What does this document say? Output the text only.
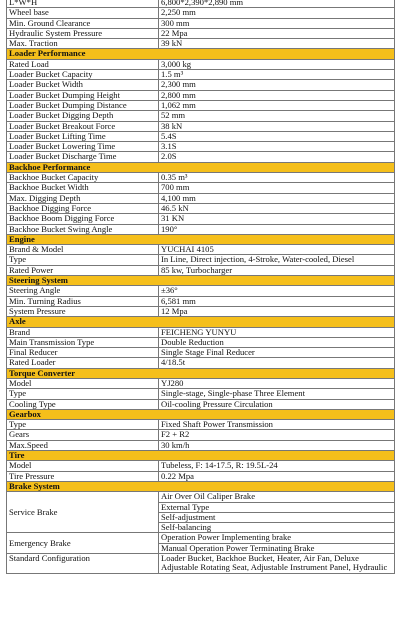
L*W*H	6,800*2,390*2,890 mm
Wheel base	2,250 mm
Min. Ground Clearance	300 mm
Hydraulic System Pressure	22 Mpa
Max. Traction	39 kN
Loader Performance	
Rated Load	3,000 kg
Loader Bucket Capacity	1.5 m³
Loader Bucket Width	2,300 mm
Loader Bucket Dumping Height	2,800 mm
Loader Bucket Dumping Distance	1,062 mm
Loader Bucket Digging Depth	52 mm
Loader Bucket Breakout Force	38 kN
Loader Bucket Lifting Time	5.4S
Loader Bucket Lowering Time	3.1S
Loader Bucket Discharge Time	2.0S
Backhoe Performance	
Backhoe Bucket Capacity	0.35 m³
Backhoe Bucket Width	700 mm
Max. Digging Depth	4,100 mm
Backhoe Digging Force	46.5 kN
Backhoe Boom Digging Force	31 KN
Backhoe Bucket Swing Angle	190°
Engine	
Brand & Model	YUCHAI 4105
Type	In Line, Direct injection, 4-Stroke, Water-cooled, Diesel
Rated Power	85 kw, Turbocharger
Steering System	
Steering Angle	±36°
Min. Turning Radius	6,581 mm
System Pressure	12 Mpa
Axle	
Brand	FEICHENG YUNYU
Main Transmission Type	Double Reduction
Final Reducer	Single Stage Final Reducer
Rated Loader	4/18.5t
Torque Converter	
Model	YJ280
Type	Single-stage, Single-phase Three Element
Cooling Type	Oil-cooling Pressure Circulation
Gearbox	
Type	Fixed Shaft Power Transmission
Gears	F2 + R2
Max.Speed	30 km/h
Tire	
Model	Tubeless, F: 14-17.5, R: 19.5L-24
Tire Pressure	0.22 Mpa
Brake System	
Service Brake	Air Over Oil Caliper Brake
	External Type
	Self-adjustment
	Self-balancing
Emergency Brake	Operation Power Implementing brake
	Manual Operation Power Terminating Brake
Standard Configuration	Loader Bucket, Backhoe Bucket, Heater, Air Fan, Deluxe Adjustable Rotating Seat, Adjustable Instrument Panel, Hydraulic
